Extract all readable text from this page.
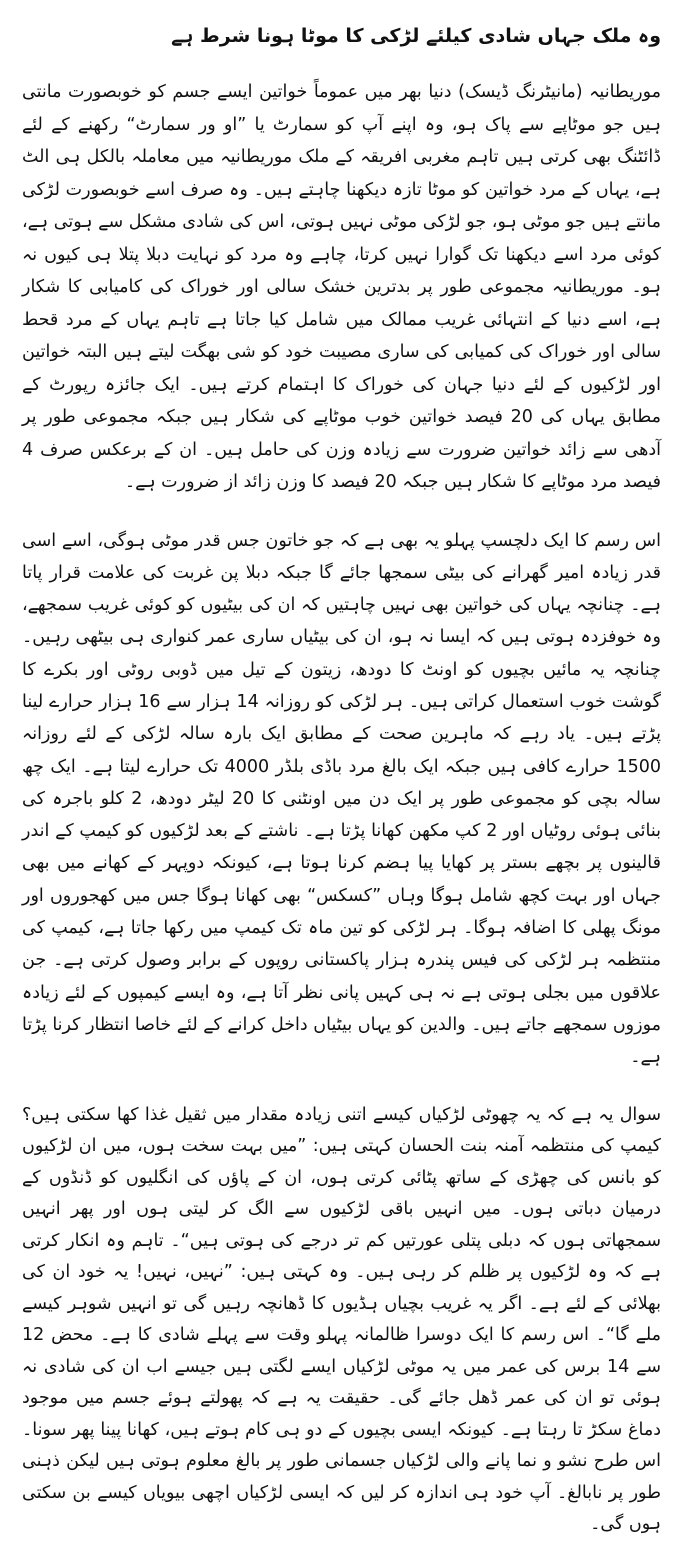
وہ ملک جہاں شادی کیلئے لڑکی کا موٹا ہونا شرط ہے

موریطانیہ (مانیٹرنگ ڈیسک) دنیا بھر میں عموماً خواتین ایسے جسم کو خوبصورت مانتی ہیں جو موٹاپے سے پاک ہو، وہ اپنے آپ کو سمارٹ یا ”او ور سمارٹ“ رکھنے کے لئے ڈائٹنگ بھی کرتی ہیں تاہم مغربی افریقہ کے ملک موریطانیہ میں معاملہ بالکل ہی الٹ ہے، یہاں کے مرد خواتین کو موٹا تازہ دیکھنا چاہتے ہیں۔ وہ صرف اسے خوبصورت لڑکی مانتے ہیں جو موٹی ہو، جو لڑکی موٹی نہیں ہوتی، اس کی شادی مشکل سے ہوتی ہے، کوئی مرد اسے دیکھنا تک گوارا نہیں کرتا، چاہے وہ مرد کو نہایت دبلا پتلا ہی کیوں نہ ہو۔ موریطانیہ مجموعی طور پر بدترین خشک سالی اور خوراک کی کامیابی کا شکار ہے، اسے دنیا کے انتہائی غریب ممالک میں شامل کیا جاتا ہے تاہم یہاں کے مرد قحط سالی اور خوراک کی کمیابی کی ساری مصیبت خود کو شی بھگت لیتے ہیں البتہ خواتین اور لڑکیوں کے لئے دنیا جہان کی خوراک کا اہتمام کرتے ہیں۔ ایک جائزہ رپورٹ کے مطابق یہاں کی 20 فیصد خواتین خوب موٹاپے کی شکار ہیں جبکہ مجموعی طور پر آدھی سے زائد خواتین ضرورت سے زیادہ وزن کی حامل ہیں۔ ان کے برعکس صرف 4 فیصد مرد موٹاپے کا شکار ہیں جبکہ 20 فیصد کا وزن زائد از ضرورت ہے۔

اس رسم کا ایک دلچسپ پہلو یہ بھی ہے کہ جو خاتون جس قدر موٹی ہوگی، اسے اسی قدر زیادہ امیر گھرانے کی بیٹی سمجھا جائے گا جبکہ دبلا پن غربت کی علامت قرار پاتا ہے۔ چنانچہ یہاں کی خواتین بھی نہیں چاہتیں کہ ان کی بیٹیوں کو کوئی غریب سمجھے، وہ خوفزدہ ہوتی ہیں کہ ایسا نہ ہو، ان کی بیٹیاں ساری عمر کنواری ہی بیٹھی رہیں۔ چنانچہ یہ مائیں بچیوں کو اونٹ کا دودھ، زیتون کے تیل میں ڈوبی روٹی اور بکرے کا گوشت خوب استعمال کراتی ہیں۔ ہر لڑکی کو روزانہ 14 ہزار سے 16 ہزار حرارے لینا پڑتے ہیں۔ یاد رہے کہ ماہرین صحت کے مطابق ایک بارہ سالہ لڑکی کے لئے روزانہ 1500 حرارے کافی ہیں جبکہ ایک بالغ مرد باڈی بلڈر 4000 تک حرارے لیتا ہے۔ ایک چھ سالہ بچی کو مجموعی طور پر ایک دن میں اونٹنی کا 20 لیٹر دودھ، 2 کلو باجرہ کی بنائی ہوئی روٹیاں اور 2 کپ مکھن کھانا پڑتا ہے۔ ناشتے کے بعد لڑکیوں کو کیمپ کے اندر قالینوں پر بچھے بستر پر کھایا پیا ہضم کرنا ہوتا ہے، کیونکہ دوپہر کے کھانے میں بھی جہاں اور بہت کچھ شامل ہوگا وہاں ”کسکس“ بھی کھانا ہوگا جس میں کھجوروں اور مونگ پھلی کا اضافہ ہوگا۔ ہر لڑکی کو تین ماہ تک کیمپ میں رکھا جاتا ہے، کیمپ کی منتظمہ ہر لڑکی کی فیس پندرہ ہزار پاکستانی روپوں کے برابر وصول کرتی ہے۔ جن علاقوں میں بجلی ہوتی ہے نہ ہی کہیں پانی نظر آتا ہے، وہ ایسے کیمپوں کے لئے زیادہ موزوں سمجھے جاتے ہیں۔ والدین کو یہاں بیٹیاں داخل کرانے کے لئے خاصا انتظار کرنا پڑتا ہے۔

سوال یہ ہے کہ یہ چھوٹی لڑکیاں کیسے اتنی زیادہ مقدار میں ثقیل غذا کھا سکتی ہیں؟ کیمپ کی منتظمہ آمنہ بنت الحسان کہتی ہیں: ”میں بہت سخت ہوں، میں ان لڑکیوں کو بانس کی چھڑی کے ساتھ پٹائی کرتی ہوں، ان کے پاؤں کی انگلیوں کو ڈنڈوں کے درمیان دباتی ہوں۔ میں انہیں باقی لڑکیوں سے الگ کر لیتی ہوں اور پھر انہیں سمجھاتی ہوں کہ دبلی پتلی عورتیں کم تر درجے کی ہوتی ہیں“۔ تاہم وہ انکار کرتی ہے کہ وہ لڑکیوں پر ظلم کر رہی ہیں۔ وہ کہتی ہیں: ”نہیں، نہیں! یہ خود ان کی بھلائی کے لئے ہے۔ اگر یہ غریب بچیاں ہڈیوں کا ڈھانچہ رہیں گی تو انہیں شوہر کیسے ملے گا“۔ اس رسم کا ایک دوسرا ظالمانہ پہلو وقت سے پہلے شادی کا ہے۔ محض 12 سے 14 برس کی عمر میں یہ موٹی لڑکیاں ایسے لگتی ہیں جیسے اب ان کی شادی نہ ہوئی تو ان کی عمر ڈھل جائے گی۔ حقیقت یہ ہے کہ پھولتے ہوئے جسم میں موجود دماغ سکڑ تا رہتا ہے۔ کیونکہ ایسی بچیوں کے دو ہی کام ہوتے ہیں، کھانا پینا پھر سونا۔ اس طرح نشو و نما پانے والی لڑکیاں جسمانی طور پر بالغ معلوم ہوتی ہیں لیکن ذہنی طور پر نابالغ۔ آپ خود ہی اندازہ کر لیں کہ ایسی لڑکیاں اچھی بیویاں کیسے بن سکتی ہوں گی۔
